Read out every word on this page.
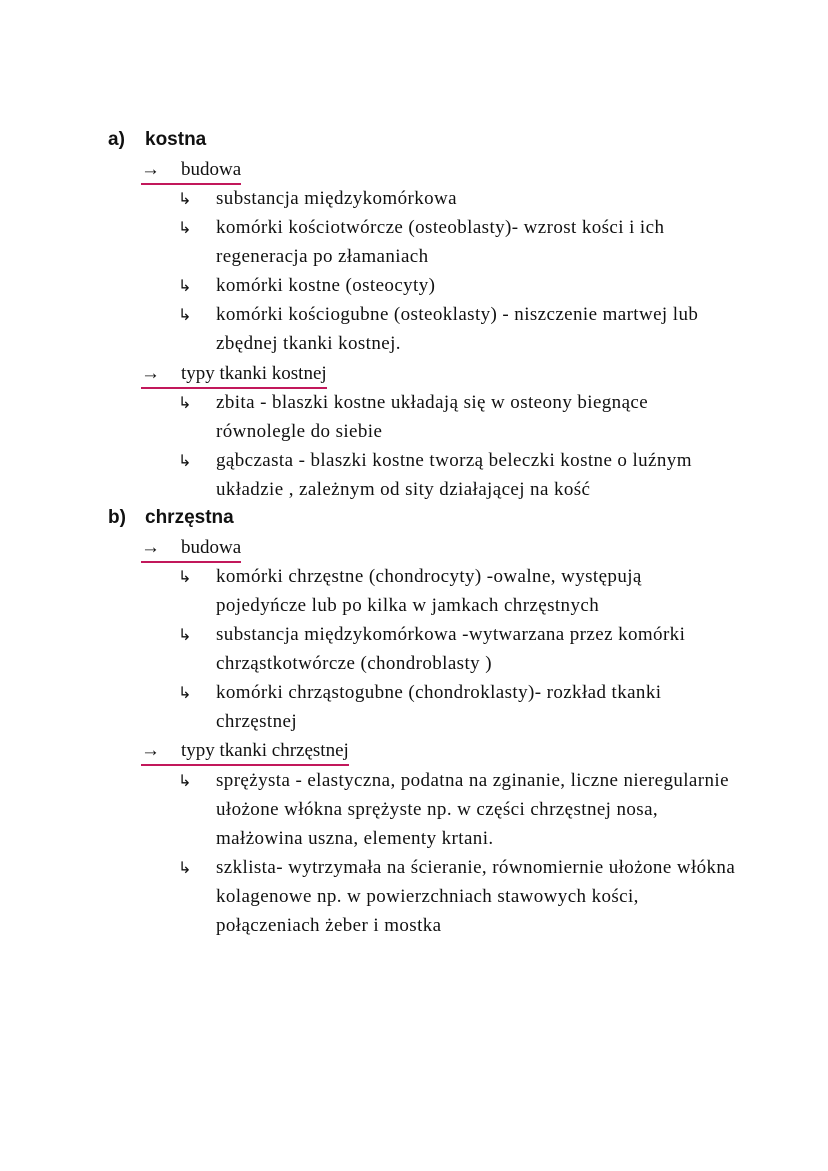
a) kostna
→ budowa
↳ substancja międzykomórkowa
↳ komórki kościotwórcze (osteoblasty)- wzrost kości i ich regeneracja po złamaniach
↳ komórki kostne (osteocyty)
↳ komórki kościogubne (osteoklasty) - niszczenie martwej lub zbędnej tkanki kostnej.
→ typy tkanki kostnej
↳ zbita - blaszki kostne układają się w osteony biegnące równolegle do siebie
↳ gąbczasta - blaszki kostne tworzą beleczki kostne o luźnym układzie , zależnym od sity działającej na kość
b) chrzęstna
→ budowa
↳ komórki chrzęstne (chondrocyty) -owalne, występują pojedyńcze lub po kilka w jamkach chrzęstnych
↳ substancja międzykomórkowa -wytwarzana przez komórki chrząstkotwórcze (chondroblasty )
↳ komórki chrząstogubne (chondroklasty)- rozkład tkanki chrzęstnej
→ typy tkanki chrzęstnej
↳ sprężysta - elastyczna, podatna na zginanie, liczne nieregularnie ułożone włókna sprężyste np. w części chrzęstnej nosa, małżowina uszna, elementy krtani.
↳ szklista- wytrzymała na ścieranie, równomiernie ułożone włókna kolagenowe np. w powierzchniach stawowych kości, połączeniach żeber i mostka
